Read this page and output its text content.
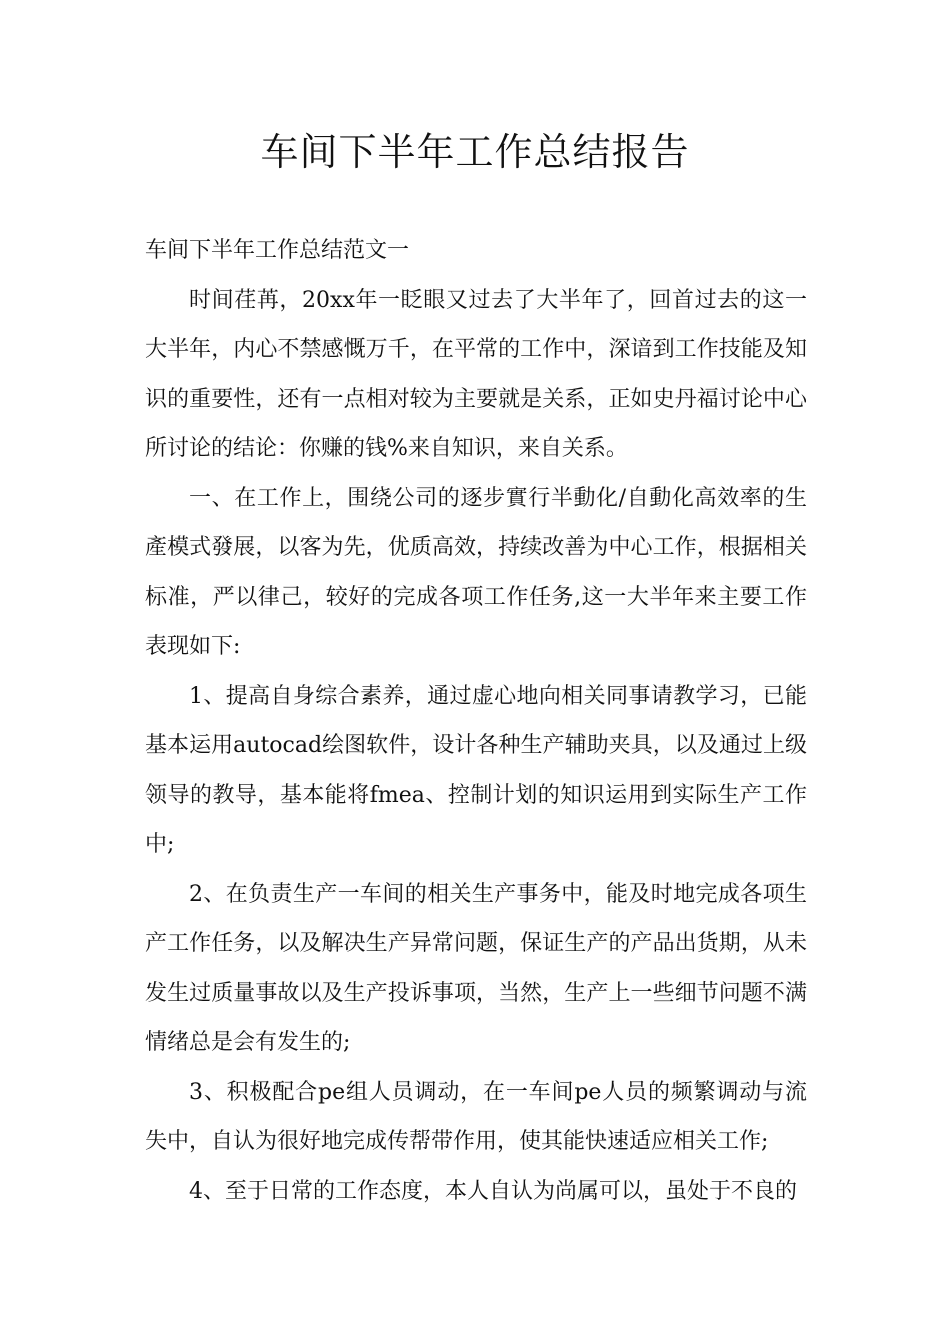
车间下半年工作总结报告

车间下半年工作总结范文一

时间荏苒，20xx年一眨眼又过去了大半年了，回首过去的这一大半年，内心不禁感慨万千，在平常的工作中，深谙到工作技能及知识的重要性，还有一点相对较为主要就是关系，正如史丹福讨论中心所讨论的结论：你赚的钱%来自知识，来自关系。

一、在工作上，围绕公司的逐步實行半動化/自動化高效率的生產模式發展，以客为先，优质高效，持续改善为中心工作，根据相关标准，严以律己，较好的完成各项工作任务,这一大半年来主要工作表现如下:

1、提高自身综合素养，通过虚心地向相关同事请教学习，已能基本运用autocad绘图软件，设计各种生产辅助夹具，以及通过上级领导的教导，基本能将fmea、控制计划的知识运用到实际生产工作中;

2、在负责生产一车间的相关生产事务中，能及时地完成各项生产工作任务，以及解决生产异常问题，保证生产的产品出货期，从未发生过质量事故以及生产投诉事项，当然，生产上一些细节问题不满情绪总是会有发生的;

3、积极配合pe组人员调动，在一车间pe人员的频繁调动与流失中，自认为很好地完成传帮带作用，使其能快速适应相关工作;

4、至于日常的工作态度，本人自认为尚属可以，虽处于不良的
